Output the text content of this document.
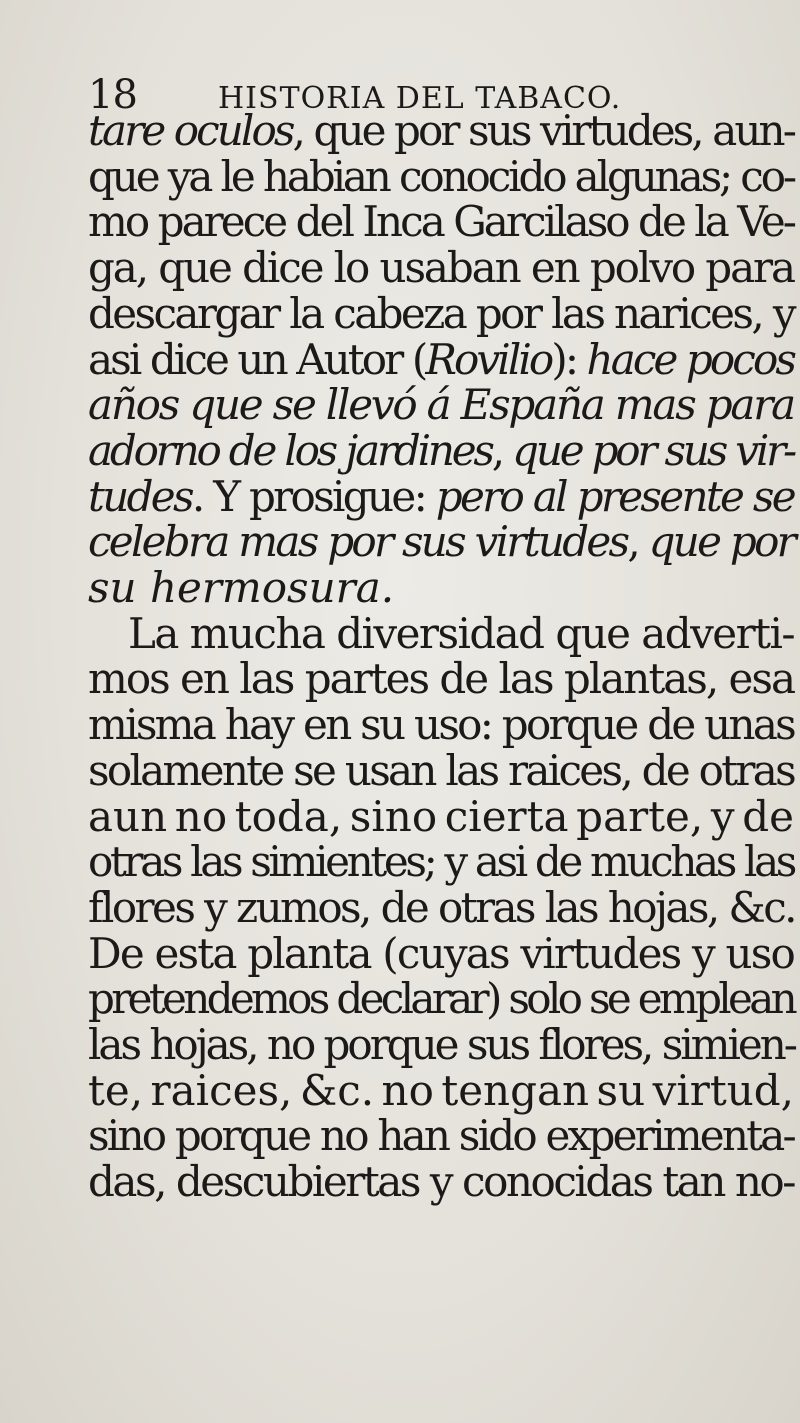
18	HISTORIA DEL TABACO.
tare oculos, que por sus virtudes, aun-
que ya le habian conocido algunas; co-
mo parece del Inca Garcilaso de la Ve-
ga, que dice lo usaban en polvo para
descargar la cabeza por las narices, y
asi dice un Autor (Rovilio): hace pocos
años que se llevó á España mas para
adorno de los jardines, que por sus vir-
tudes. Y prosigue: pero al presente se
celebra mas por sus virtudes, que por
su hermosura.
La mucha diversidad que adverti-
mos en las partes de las plantas, esa
misma hay en su uso: porque de unas
solamente se usan las raices, de otras
aun no toda, sino cierta parte, y de
otras las simientes; y asi de muchas las
flores y zumos, de otras las hojas, &c.
De esta planta (cuyas virtudes y uso
pretendemos declarar) solo se emplean
las hojas, no porque sus flores, simien-
te, raices, &c. no tengan su virtud,
sino porque no han sido experimenta-
das, descubiertas y conocidas tan no-
